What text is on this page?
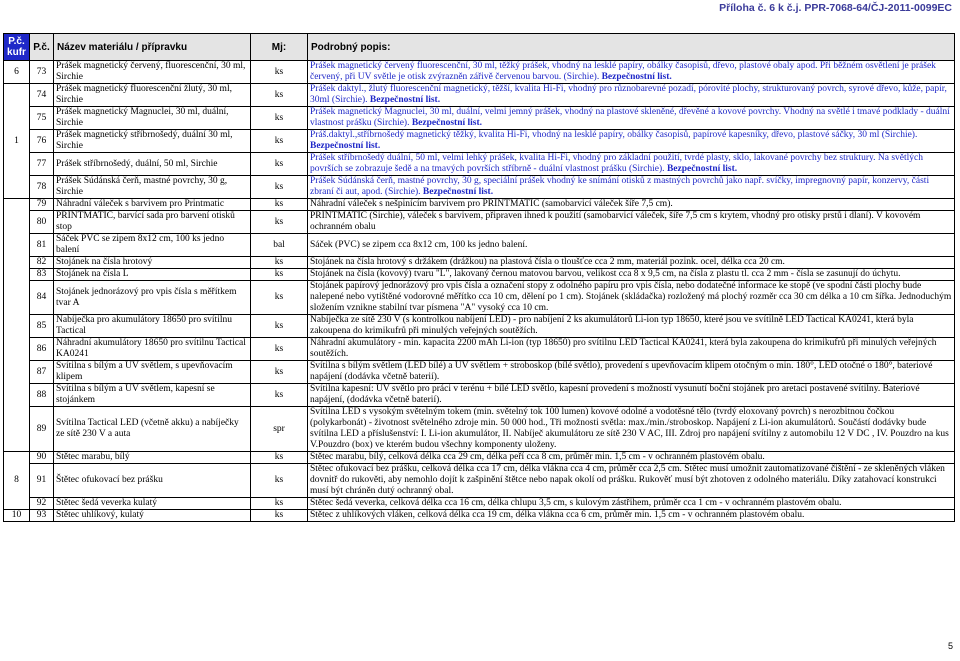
Příloha č. 6 k č.j. PPR-7068-64/ČJ-2011-0099EC
P.č. kufr	P.č.	Název materiálu / přípravku	Mj:	Podrobný popis:
6	73	Prášek magnetický červený, fluorescenční, 30 ml, Sirchie	ks	Prášek magnetický červený fluorescenční, 30 ml, těžký prášek, vhodný na lesklé papíry, obálky časopisů, dřevo, plastové obaly apod. Při běžném osvětlení je prášek červený, při UV světle je otisk zvýrazněn zářivě červenou barvou. (Sirchie). Bezpečnostní list.
1	74	Prášek magnetický fluorescenční žlutý, 30 ml, Sirchie	ks	Prášek daktyl., žlutý fluorescenční magnetický, těžší, kvalita Hi-Fi, vhodný pro různobarevné pozadí, pórovité plochy, strukturovaný povrch, syrové dřevo, kůže, papír, 30ml (Sirchie). Bezpečnostní list.
	75	Prášek magnetický Magnuclei, 30 ml, duální, Sirchie	ks	Prášek magnetický Magnuclei, 30 ml, duální, velmi jemný prášek, vhodný na plastové skleněné, dřevěné a kovové povrchy. Vhodný na světlé i tmavé podklady - duální vlastnost prášku (Sirchie). Bezpečnostní list.
	76	Prášek magnetický stříbrnošedý, duální 30 ml, Sirchie	ks	Práš.daktyl.,stříbrnošedý magnetický těžký, kvalita Hi-Fi, vhodný na lesklé papíry, obálky časopisů, papírové kapesníky, dřevo, plastové sáčky, 30 ml (Sirchie). Bezpečnostní list.
	77	Prášek stříbrnošedý, duální, 50 ml, Sirchie	ks	Prášek stříbrnošedý duální, 50 ml, velmi lehký prášek, kvalita Hi-Fi, vhodný pro základní použití, tvrdé plasty, sklo, lakované povrchy bez struktury. Na světlých površích se zobrazuje šedě a na tmavých površích stříbrně - duální vlastnost prášku (Sirchie). Bezpečnostní list.
	78	Prášek Súdánská čerň, mastné povrchy, 30 g, Sirchie	ks	Prášek Súdánská čerň, mastné povrchy, 30 g, speciální prášek vhodný ke snímání otisků z mastných povrchů jako např. svíčky, impregnovný papír, konzervy, části zbraní či aut, apod. (Sirchie). Bezpečnostní list.
	79	Náhradní váleček s barvivem pro Printmatic	ks	Náhradní váleček s nešpinícím barvivem pro PRINTMATIC (samobarvicí váleček šíře 7,5 cm).
	80	PRINTMATIC, barvící sada pro barvení otisků stop	ks	PRINTMATIC (Sirchie), váleček s barvivem, připraven ihned k použití (samobarvicí váleček, šíře 7,5 cm s krytem, vhodný pro otisky prstů i dlaní). V kovovém ochranném obalu
	81	Sáček PVC se zipem 8x12 cm, 100 ks jedno balení	bal	Sáček (PVC) se zipem cca 8x12 cm, 100 ks jedno balení.
	82	Stojánek na čísla hrotový	ks	Stojánek na čísla hrotový s držákem (drážkou) na plastová čísla o tloušťce cca 2 mm, materiál pozink. ocel, délka cca 20 cm.
	83	Stojánek na čísla L	ks	Stojánek na čísla (kovový) tvaru "L", lakovaný černou matovou barvou, velikost cca 8 x 9,5 cm, na čísla z plastu tl. cca 2 mm - čísla se zasunují do úchytu.
	84	Stojánek jednorázový pro vpis čísla s měřítkem tvar A	ks	Stojánek papírový jednorázový pro vpis čísla a označení stopy z odolného papíru pro vpis čísla, nebo dodatečné informace ke stopě (ve spodní části plochy bude nalepené nebo vytištěné vodorovné měřítko cca 10 cm, dělení po 1 cm). Stojánek (skládačka) rozložený má plochý rozměr cca 30 cm délka a 10 cm šířka. Jednoduchým složením vznikne stabilní tvar písmena "A" vysoký cca 10 cm.
	85	Nabíječka pro akumulátory 18650 pro svítilnu Tactical	ks	Nabíječka ze sítě 230 V (s kontrolkou nabíjení LED) - pro nabíjení 2 ks akumulátorů Li-ion typ 18650, které jsou ve svítilně LED Tactical KA0241, která byla zakoupena do krimikufrů při minulých veřejných soutěžích.
	86	Náhradní akumulátory 18650 pro svítilnu Tactical KA0241	ks	Náhradní akumulátory - min. kapacita 2200 mAh Li-ion (typ 18650) pro svítilnu LED Tactical KA0241, která byla zakoupena do krimikufrů při minulých veřejných soutěžích.
	87	Svítilna s bílým a UV světlem, s upevňovacím klipem	ks	Svítilna s bílým světlem (LED bílé) a UV světlem + stroboskop (bílé světlo), provedení s upevňovacím klipem otočným o min. 180°, LED otočné o 180°, bateriové napájení (dodávka včetně baterií).
	88	Svítilna s bílým a UV světlem, kapesní se stojánkem	ks	Svítilna kapesní: UV světlo pro práci v terénu + bílé LED světlo, kapesní provedení s možností vysunutí boční stojánek pro aretaci postavené svítilny. Bateriové napájení, (dodávka včetně baterií).
	89	Svítilna Tactical LED (včetně akku) a nabíječky ze sítě 230 V a auta	spr	Svítilna LED s vysokým světelným tokem (min. světelný tok 100 lumen) kovové odolné a vodotěsné tělo (tvrdý eloxovaný povrch) s nerozbitnou čočkou (polykarbonát) - životnost světelného zdroje min. 50 000 hod., Tři možnosti světla: max./min./stroboskop. Napájení z Li-ion akumulátorů. Součástí dodávky bude svítilna LED a příslušenství: I. Li-ion akumulátor, II. Nabíječ akumulátoru ze sítě 230 V AC, III. Zdroj pro napájení svítilny z automobilu 12 V DC , IV. Pouzdro na kus V.Pouzdro (box) ve kterém budou všechny komponenty uloženy.
8	90	Štětec marabu, bílý	ks	Štětec marabu, bílý, celková délka cca 29 cm, délka peří cca 8 cm, průměr min. 1,5 cm - v ochranném plastovém obalu.
	91	Štětec ofukovací bez prášku	ks	Štětec ofukovací bez prášku, celková délka cca 17 cm, délka vlákna cca 4 cm, průměr cca 2,5 cm. Štětec musí umožnit zautomatizované čištění - ze skleněných vláken dovnitř do rukověti, aby nemohlo dojít k zašpinění štětce nebo napak okolí od prášku. Rukověť musí být zhotoven z odolného materiálu. Díky zatahovací konstrukci musí být chráněn dutý ochranný obal.
	92	Štětec šedá veverka kulatý	ks	Štětec šedá veverka, celková délka cca 16 cm, délka chlupu 3,5 cm, s kulovým zástřihem, průměr cca 1 cm - v ochranném plastovém obalu.
10	93	Štětec uhlíkový, kulatý	ks	Štětec z uhlíkových vláken, celková délka cca 19 cm, délka vlákna cca 6 cm, průměr min. 1,5 cm - v ochranném plastovém obalu.
5
